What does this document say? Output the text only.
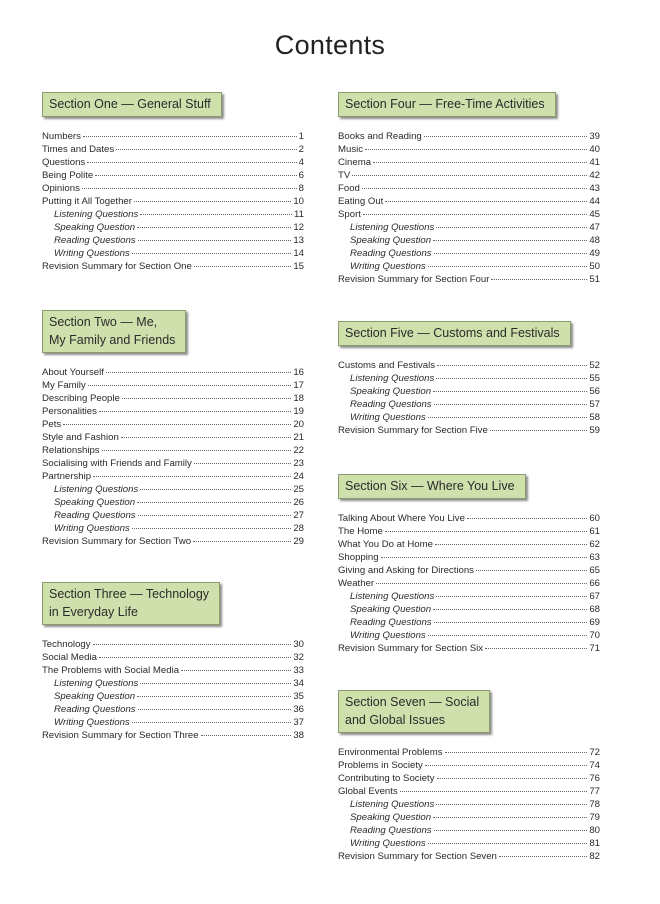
Contents
Section One — General Stuff
Numbers	1
Times and Dates	2
Questions	4
Being Polite	6
Opinions	8
Putting it All Together	10
Listening Questions	11
Speaking Question	12
Reading Questions	13
Writing Questions	14
Revision Summary for Section One	15
Section Two — Me,
My Family and Friends
About Yourself	16
My Family	17
Describing People	18
Personalities	19
Pets	20
Style and Fashion	21
Relationships	22
Socialising with Friends and Family	23
Partnership	24
Listening Questions	25
Speaking Question	26
Reading Questions	27
Writing Questions	28
Revision Summary for Section Two	29
Section Three — Technology
in Everyday Life
Technology	30
Social Media	32
The Problems with Social Media	33
Listening Questions	34
Speaking Question	35
Reading Questions	36
Writing Questions	37
Revision Summary for Section Three	38
Section Four — Free-Time Activities
Books and Reading	39
Music	40
Cinema	41
TV	42
Food	43
Eating Out	44
Sport	45
Listening Questions	47
Speaking Question	48
Reading Questions	49
Writing Questions	50
Revision Summary for Section Four	51
Section Five — Customs and Festivals
Customs and Festivals	52
Listening Questions	55
Speaking Question	56
Reading Questions	57
Writing Questions	58
Revision Summary for Section Five	59
Section Six — Where You Live
Talking About Where You Live	60
The Home	61
What You Do at Home	62
Shopping	63
Giving and Asking for Directions	65
Weather	66
Listening Questions	67
Speaking Question	68
Reading Questions	69
Writing Questions	70
Revision Summary for Section Six	71
Section Seven — Social
and Global Issues
Environmental Problems	72
Problems in Society	74
Contributing to Society	76
Global Events	77
Listening Questions	78
Speaking Question	79
Reading Questions	80
Writing Questions	81
Revision Summary for Section Seven	82
